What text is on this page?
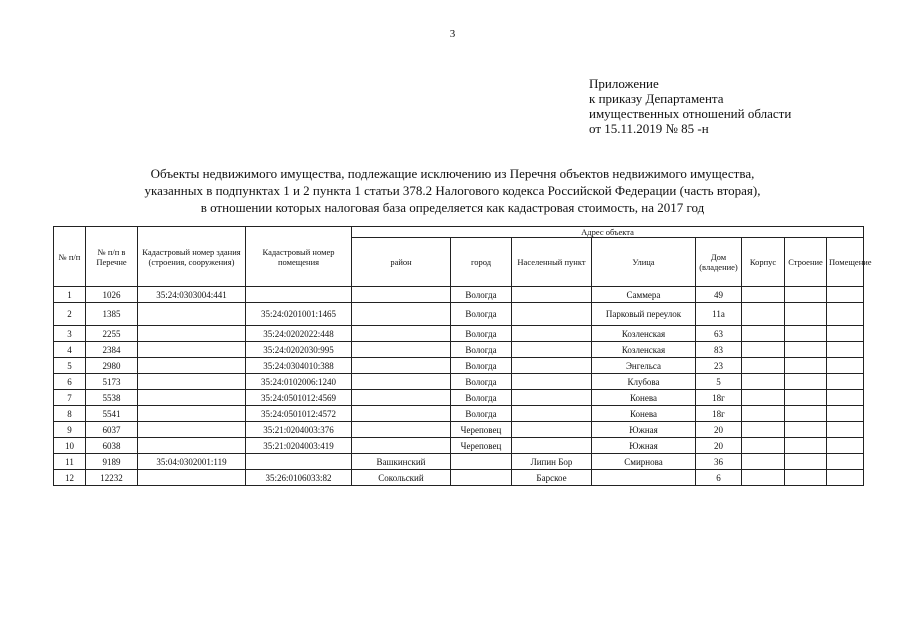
3
Приложение
к приказу Департамента
имущественных отношений области
от 15.11.2019 № 85 -н
Объекты недвижимого имущества, подлежащие исключению из Перечня объектов недвижимого имущества,
указанных в подпунктах 1 и 2 пункта 1 статьи 378.2 Налогового кодекса Российской Федерации (часть вторая),
в отношении которых налоговая база определяется как кадастровая стоимость, на 2017 год
№ п/п	№ п/п в Перечне	Кадастровый номер здания (строения, сооружения)	Кадастровый номер помещения	Адрес объекта							
				район	город	Населенный пункт	Улица	Дом (владение)	Корпус	Строение	Помещение
1	1026	35:24:0303004:441			Вологда		Саммера	49			
2	1385		35:24:0201001:1465		Вологда		Парковый переулок	11а			
3	2255		35:24:0202022:448		Вологда		Козленская	63			
4	2384		35:24:0202030:995		Вологда		Козленская	83			
5	2980		35:24:0304010:388		Вологда		Энгельса	23			
6	5173		35:24:0102006:1240		Вологда		Клубова	5			
7	5538		35:24:0501012:4569		Вологда		Конева	18г			
8	5541		35:24:0501012:4572		Вологда		Конева	18г			
9	6037		35:21:0204003:376		Череповец		Южная	20			
10	6038		35:21:0204003:419		Череповец		Южная	20			
11	9189	35:04:0302001:119		Вашкинский		Липин Бор	Смирнова	36			
12	12232		35:26:0106033:82	Сокольский		Барское		6			
